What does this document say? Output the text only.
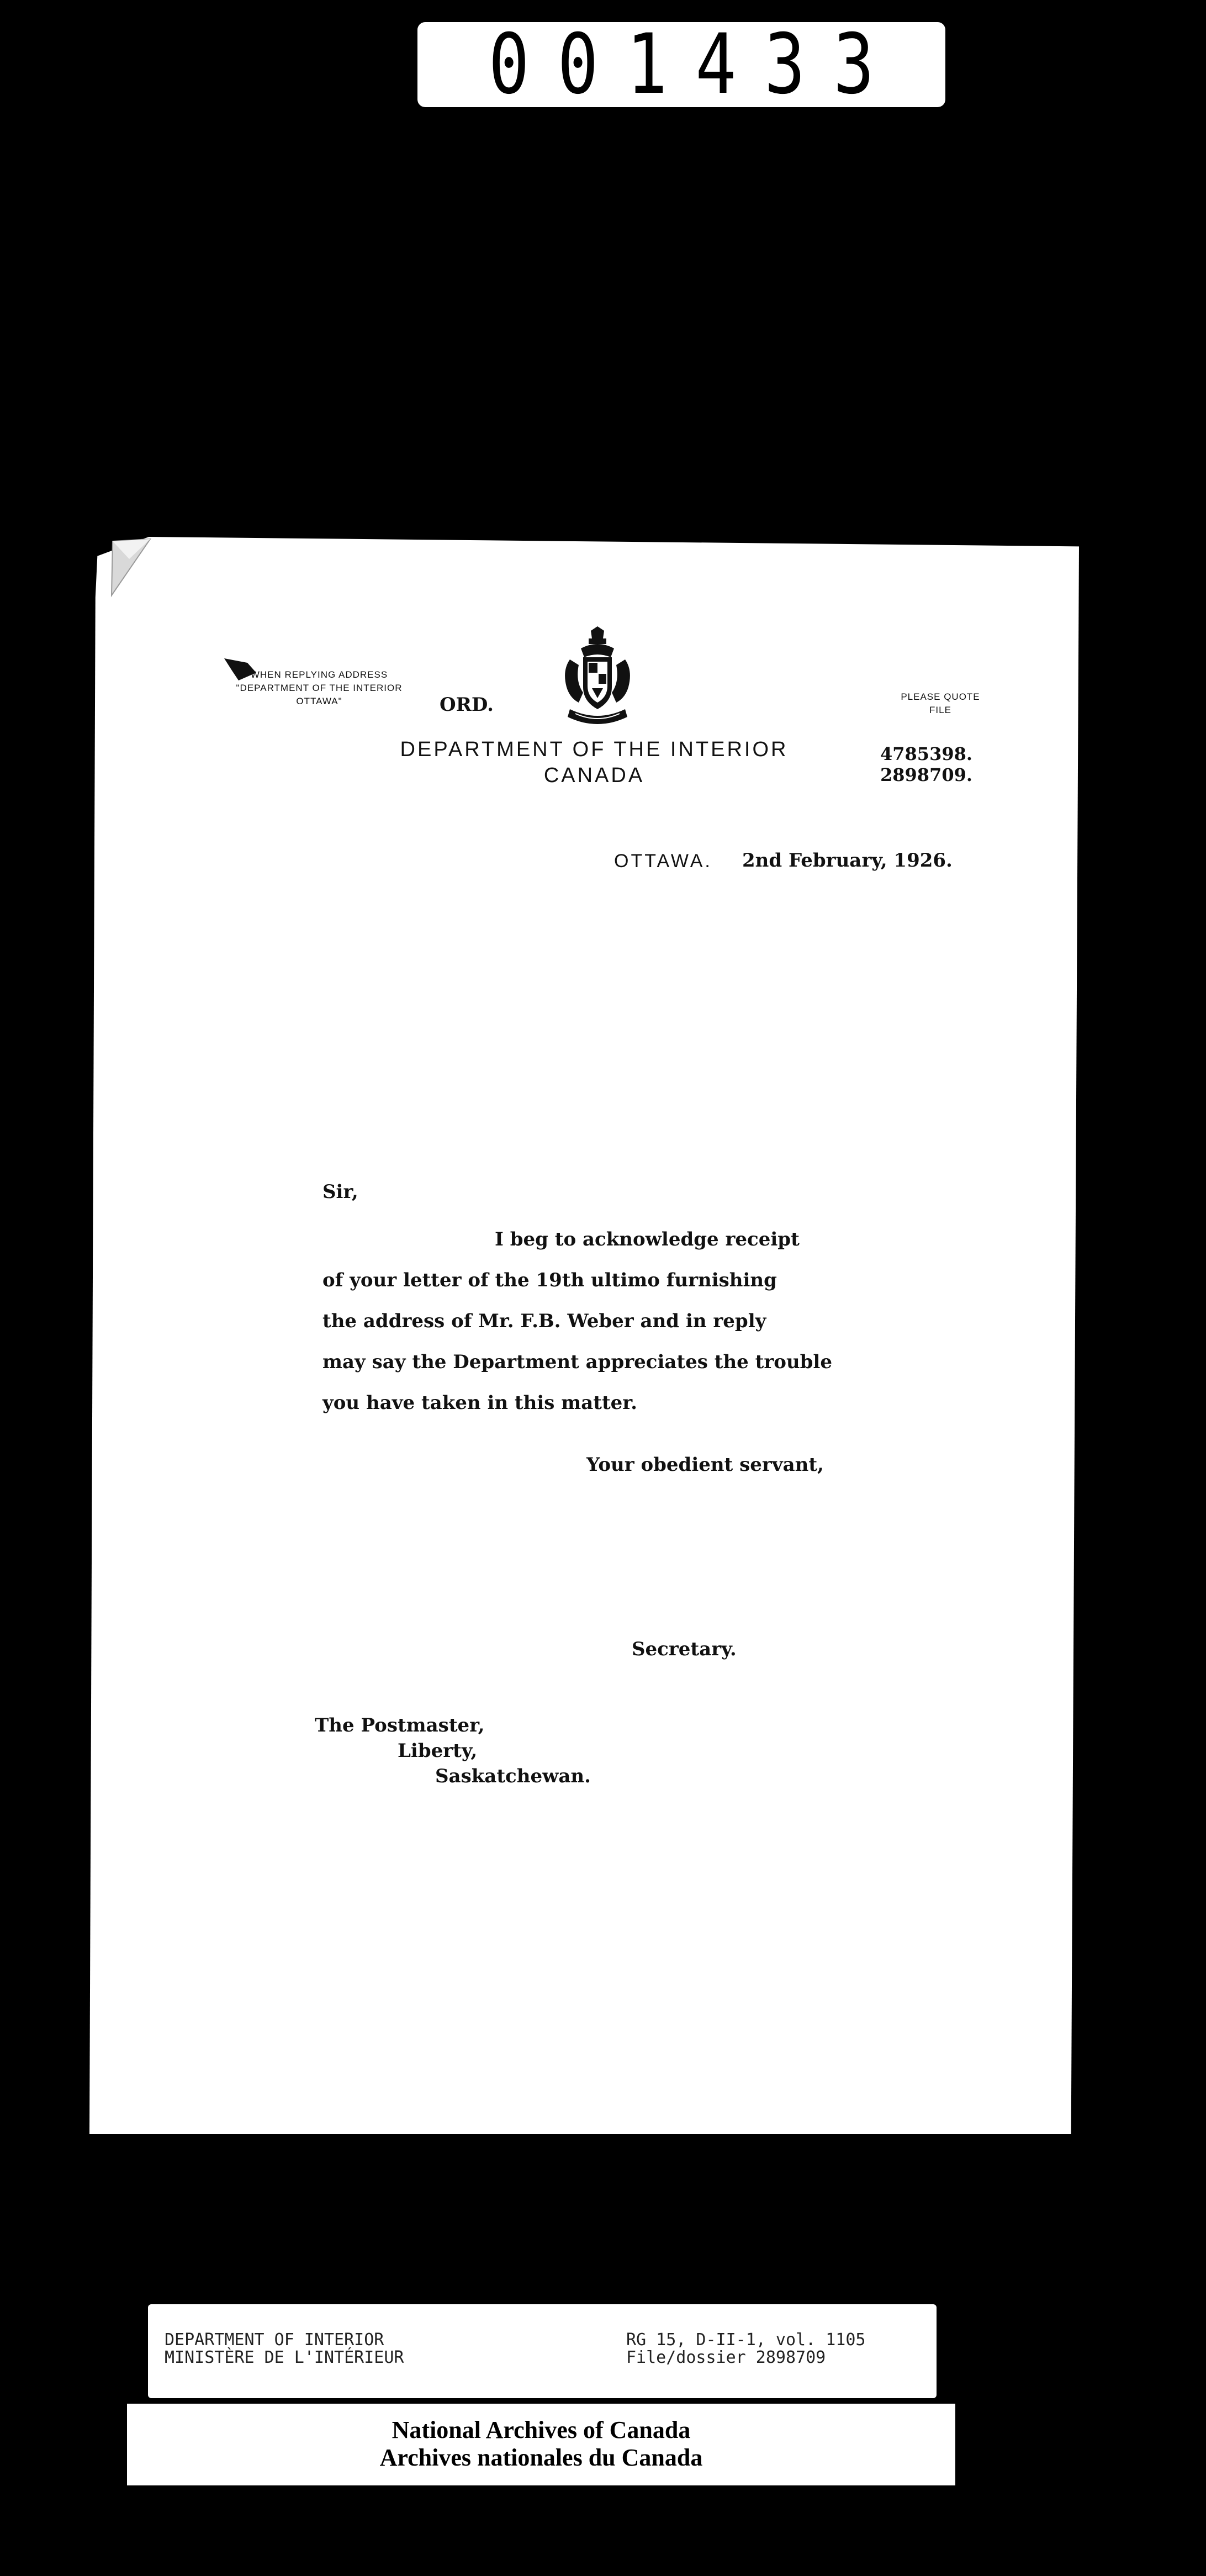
001433
WHEN REPLYING ADDRESS
"DEPARTMENT OF THE INTERIOR
OTTAWA"	ORD.
DEPARTMENT OF THE INTERIOR
CANADA
PLEASE QUOTE
FILE
4785398.
2898709.
OTTAWA. 2nd February, 1926.
Sir,
I beg to acknowledge receipt
of your letter of the 19th ultimo furnishing
the address of Mr. F.B. Weber and in reply
may say the Department appreciates the trouble
you have taken in this matter.
Your obedient servant,
Secretary.
The Postmaster,
Liberty,
Saskatchewan.
DEPARTMENT OF INTERIOR
MINISTÈRE DE L'INTÉRIEUR
RG 15, D-II-1, vol. 1105
File/dossier 2898709
National Archives of Canada
Archives nationales du Canada
